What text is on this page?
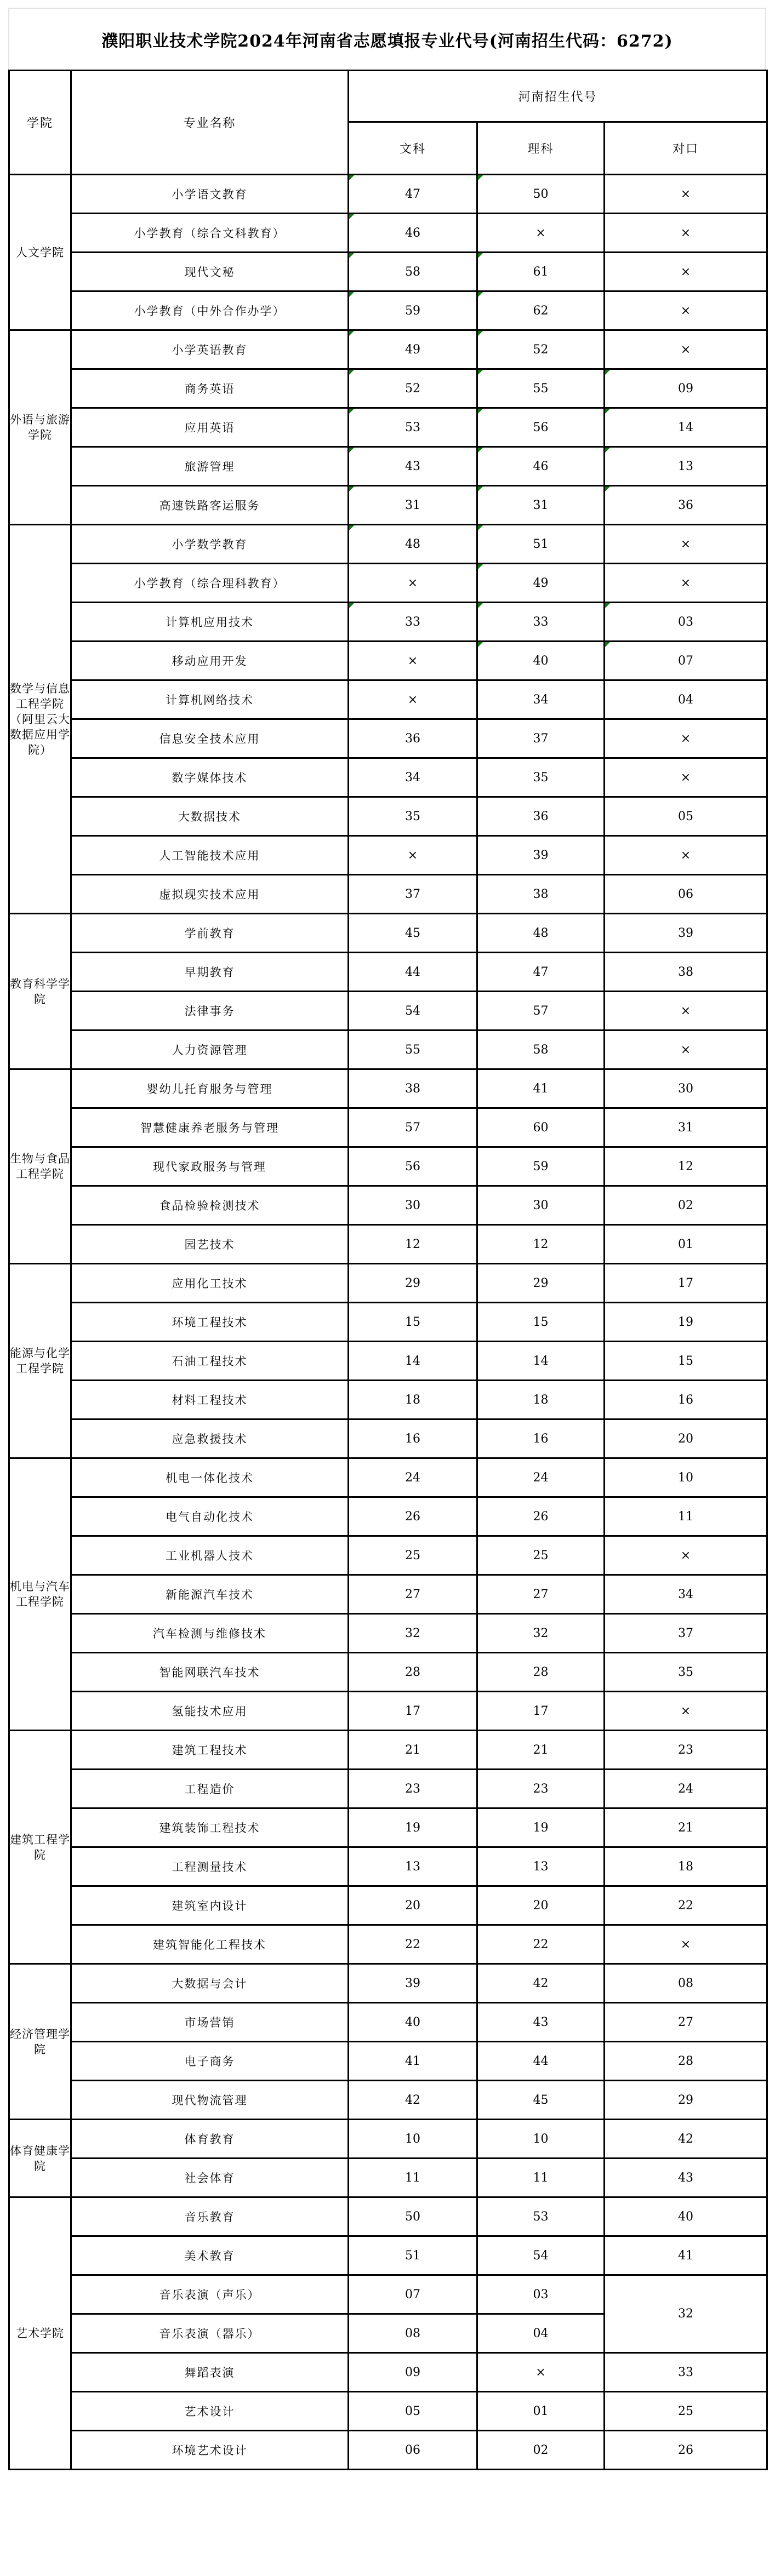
濮阳职业技术学院2024年河南省志愿填报专业代号(河南招生代码：6272)
学院	专业名称	河南招生代号		
		文科	理科	对口
人文学院	小学语文教育	47	50	×
	小学教育（综合文科教育）	46	×	×
	现代文秘	58	61	×
	小学教育（中外合作办学）	59	62	×
外语与旅游学院	小学英语教育	49	52	×
	商务英语	52	55	09
	应用英语	53	56	14
	旅游管理	43	46	13
	高速铁路客运服务	31	31	36
数学与信息工程学院（阿里云大数据应用学院）	小学数学教育	48	51	×
	小学教育（综合理科教育）	×	49	×
	计算机应用技术	33	33	03
	移动应用开发	×	40	07
	计算机网络技术	×	34	04
	信息安全技术应用	36	37	×
	数字媒体技术	34	35	×
	大数据技术	35	36	05
	人工智能技术应用	×	39	×
	虚拟现实技术应用	37	38	06
教育科学学院	学前教育	45	48	39
	早期教育	44	47	38
	法律事务	54	57	×
	人力资源管理	55	58	×
生物与食品工程学院	婴幼儿托育服务与管理	38	41	30
	智慧健康养老服务与管理	57	60	31
	现代家政服务与管理	56	59	12
	食品检验检测技术	30	30	02
	园艺技术	12	12	01
能源与化学工程学院	应用化工技术	29	29	17
	环境工程技术	15	15	19
	石油工程技术	14	14	15
	材料工程技术	18	18	16
	应急救援技术	16	16	20
机电与汽车工程学院	机电一体化技术	24	24	10
	电气自动化技术	26	26	11
	工业机器人技术	25	25	×
	新能源汽车技术	27	27	34
	汽车检测与维修技术	32	32	37
	智能网联汽车技术	28	28	35
	氢能技术应用	17	17	×
建筑工程学院	建筑工程技术	21	21	23
	工程造价	23	23	24
	建筑装饰工程技术	19	19	21
	工程测量技术	13	13	18
	建筑室内设计	20	20	22
	建筑智能化工程技术	22	22	×
经济管理学院	大数据与会计	39	42	08
	市场营销	40	43	27
	电子商务	41	44	28
	现代物流管理	42	45	29
体育健康学院	体育教育	10	10	42
	社会体育	11	11	43
艺术学院	音乐教育	50	53	40
	美术教育	51	54	41
	音乐表演（声乐）	07	03	32
	音乐表演（器乐）	08	04	
	舞蹈表演	09	×	33
	艺术设计	05	01	25
	环境艺术设计	06	02	26
